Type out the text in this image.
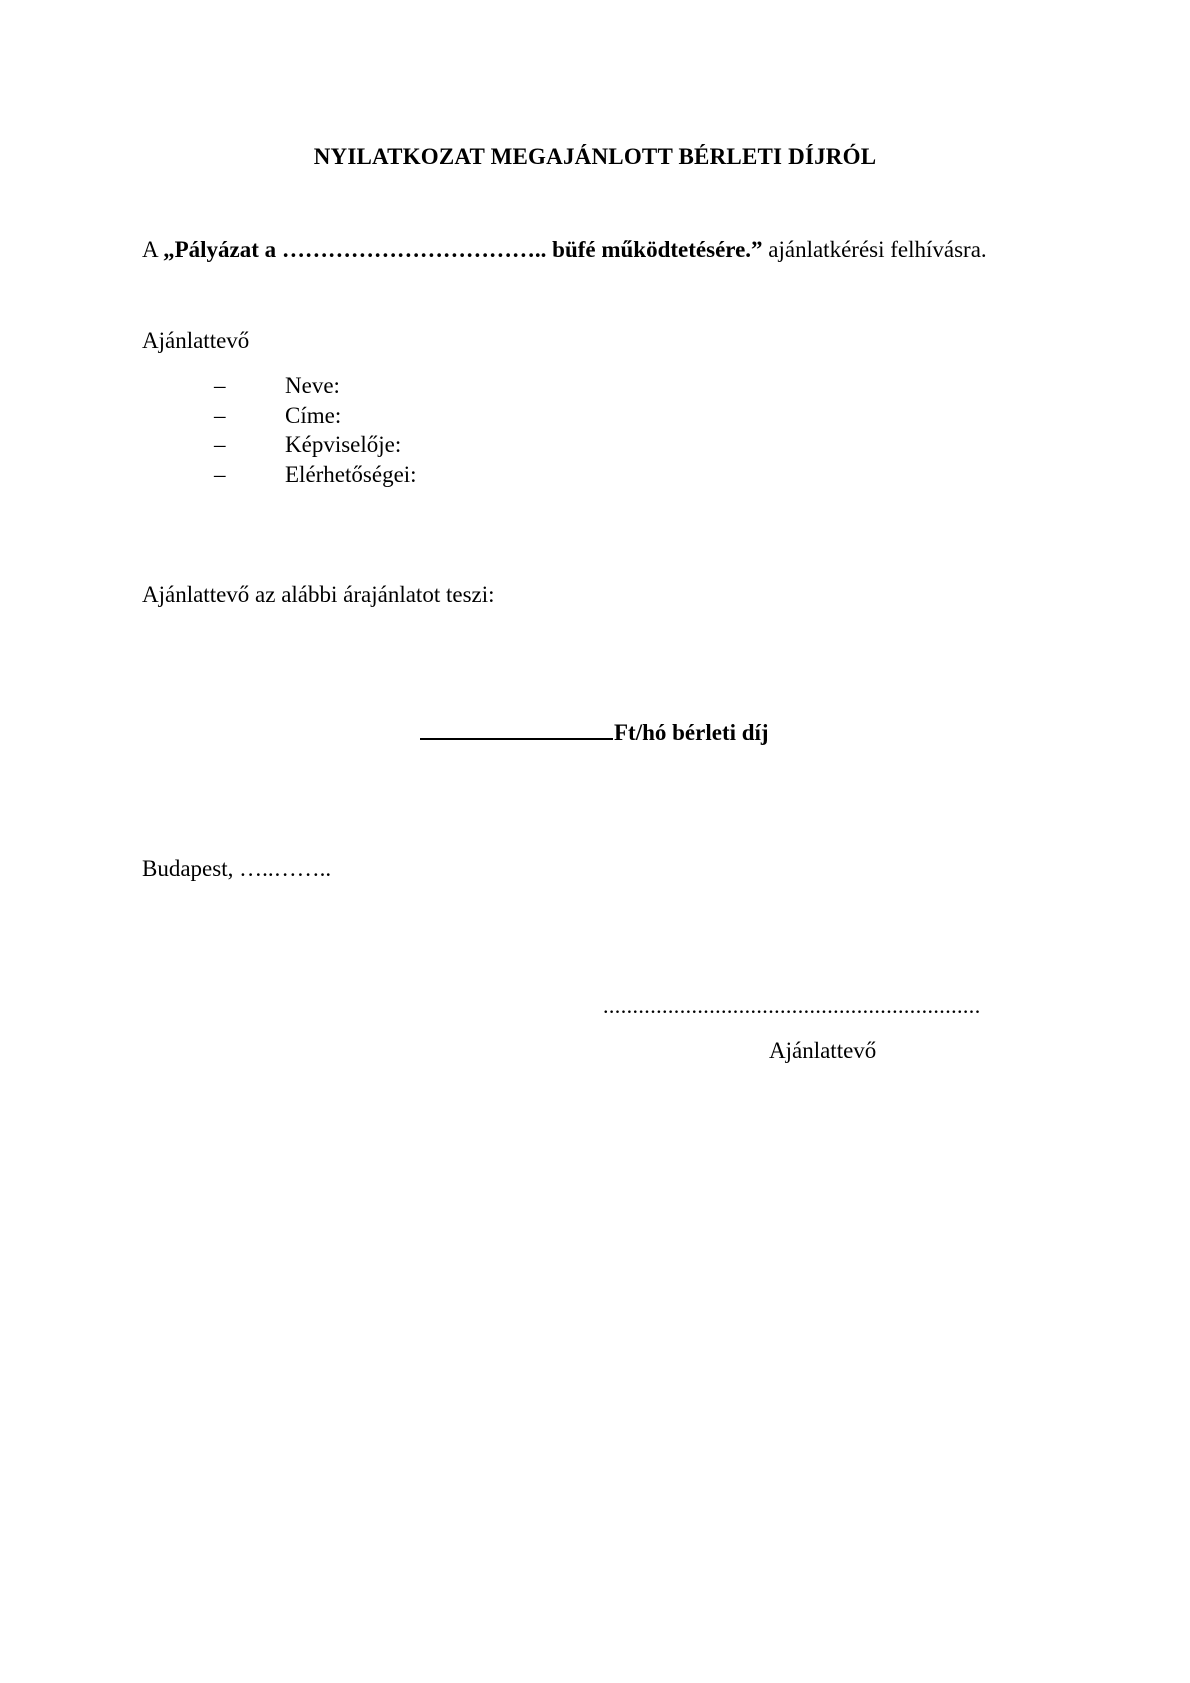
NYILATKOZAT MEGAJÁNLOTT BÉRLETI DÍJRÓL
A „Pályázat a …………………………….. büfé működtetésére.” ajánlatkérési felhívásra.
Ajánlattevő
–	Neve:
–	Címe:
–	Képviselője:
–	Elérhetőségei:
Ajánlattevő az alábbi árajánlatot teszi:
Ft/hó bérleti díj
Budapest, …..……..
................................................................
Ajánlattevő
